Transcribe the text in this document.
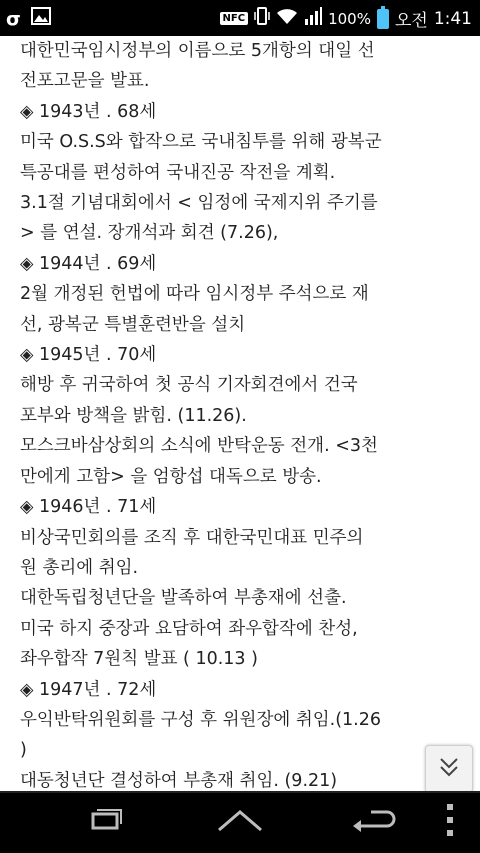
σ	NFC	100% 오전 1:41
대한민국임시정부의 이름으로 5개항의 대일 선
전포고문을 발표.
◈ 1943년 . 68세
미국 O.S.S와 합작으로 국내침투를 위해 광복군
특공대를 편성하여 국내진공 작전을 계획.
3.1절 기념대회에서 < 임정에 국제지위 주기를
> 를 연설. 장개석과 회견 (7.26),
◈ 1944년 . 69세
2월 개정된 헌법에 따라 임시정부 주석으로 재
선, 광복군 특별훈련반을 설치
◈ 1945년 . 70세
해방 후 귀국하여 첫 공식 기자회견에서 건국
포부와 방책을 밝힘. (11.26).
모스크바삼상회의 소식에 반탁운동 전개. <3천
만에게 고함> 을 엄항섭 대독으로 방송.
◈ 1946년 . 71세
비상국민회의를 조직 후 대한국민대표 민주의
원 총리에 취임.
대한독립청년단을 발족하여 부총재에 선출.
미국 하지 중장과 요담하여 좌우합작에 찬성,
좌우합작 7원칙 발표 ( 10.13 )
◈ 1947년 . 72세
우익반탁위원회를 구성 후 위원장에 취임.(1.26
)
대동청년단 결성하여 부총재 취임. (9.21)
